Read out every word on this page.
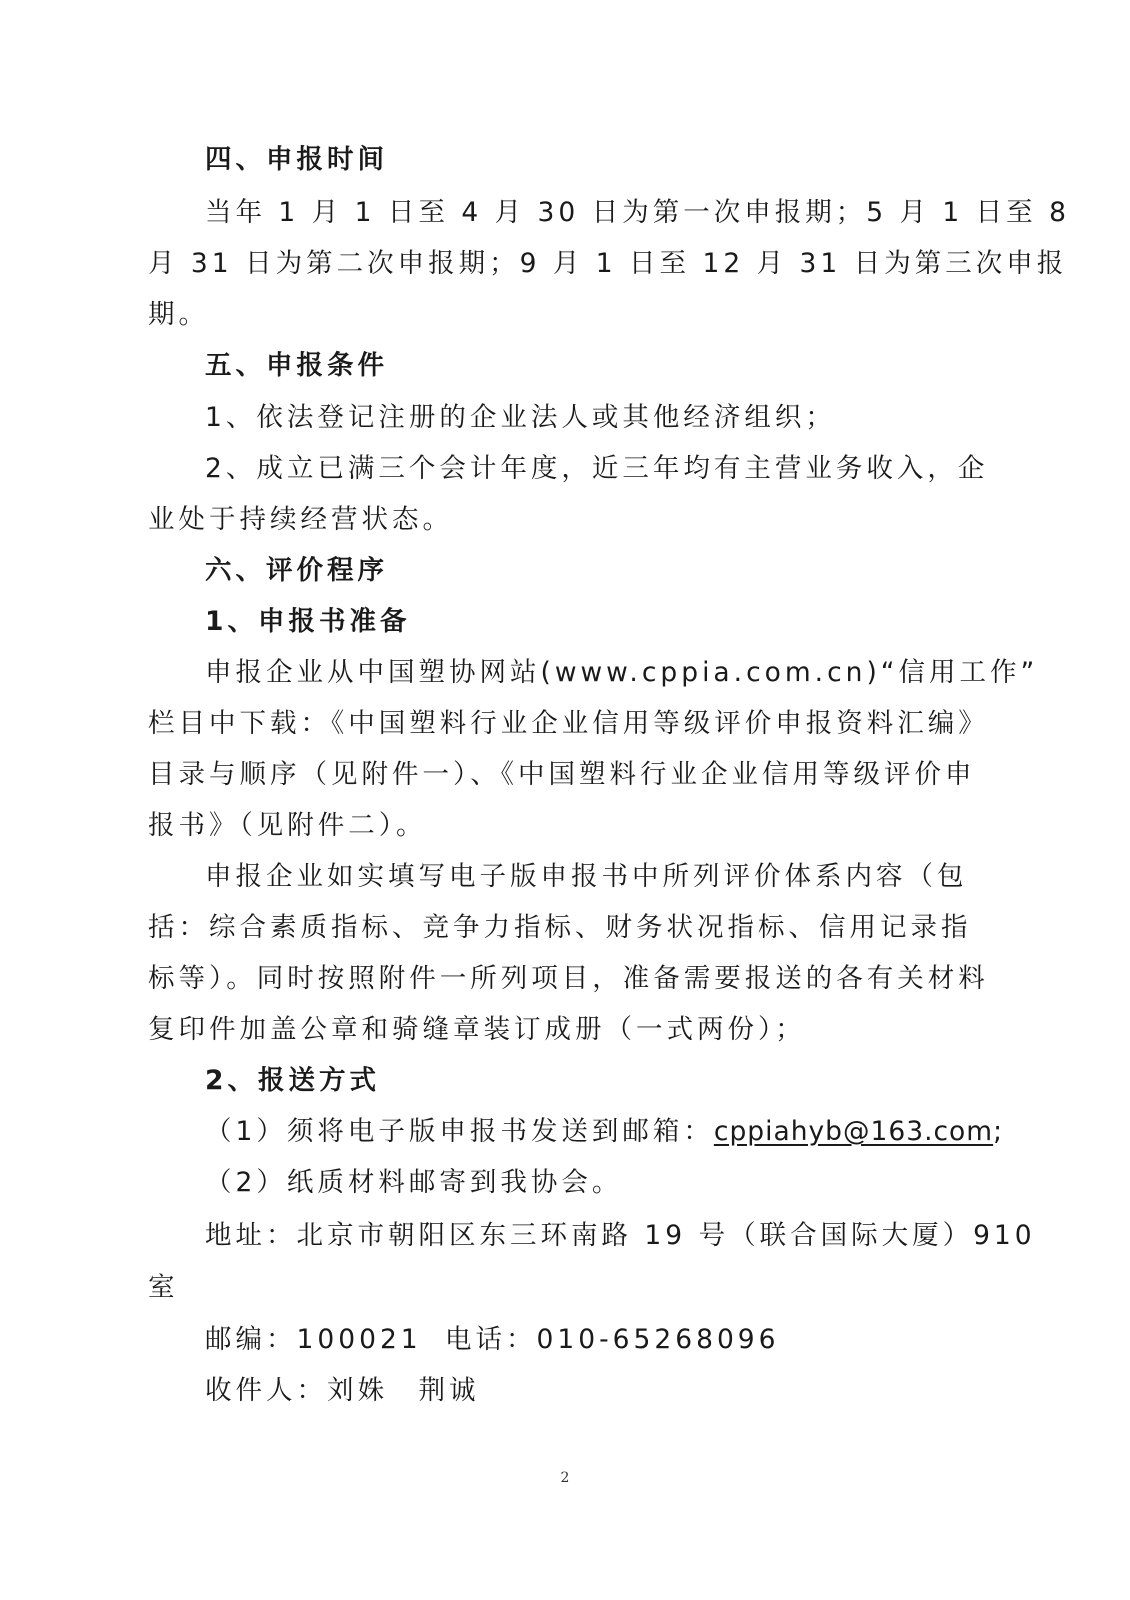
四、申报时间
当年 1 月 1 日至 4 月 30 日为第一次申报期；5 月 1 日至 8
月 31 日为第二次申报期；9 月 1 日至 12 月 31 日为第三次申报
期。
五、申报条件
1、依法登记注册的企业法人或其他经济组织；
2、成立已满三个会计年度，近三年均有主营业务收入，企
业处于持续经营状态。
六、评价程序
1、申报书准备
申报企业从中国塑协网站(www.cppia.com.cn)“信用工作”
栏目中下载：《中国塑料行业企业信用等级评价申报资料汇编》
目录与顺序（见附件一）、《中国塑料行业企业信用等级评价申
报书》（见附件二）。
申报企业如实填写电子版申报书中所列评价体系内容（包
括：综合素质指标、竞争力指标、财务状况指标、信用记录指
标等）。同时按照附件一所列项目，准备需要报送的各有关材料
复印件加盖公章和骑缝章装订成册（一式两份）；
2、报送方式
（1）须将电子版申报书发送到邮箱：cppiahyb@163.com;
（2）纸质材料邮寄到我协会。
地址：北京市朝阳区东三环南路 19 号（联合国际大厦）910
室
邮编：100021 电话：010-65268096
收件人：刘姝　荆诚
2
